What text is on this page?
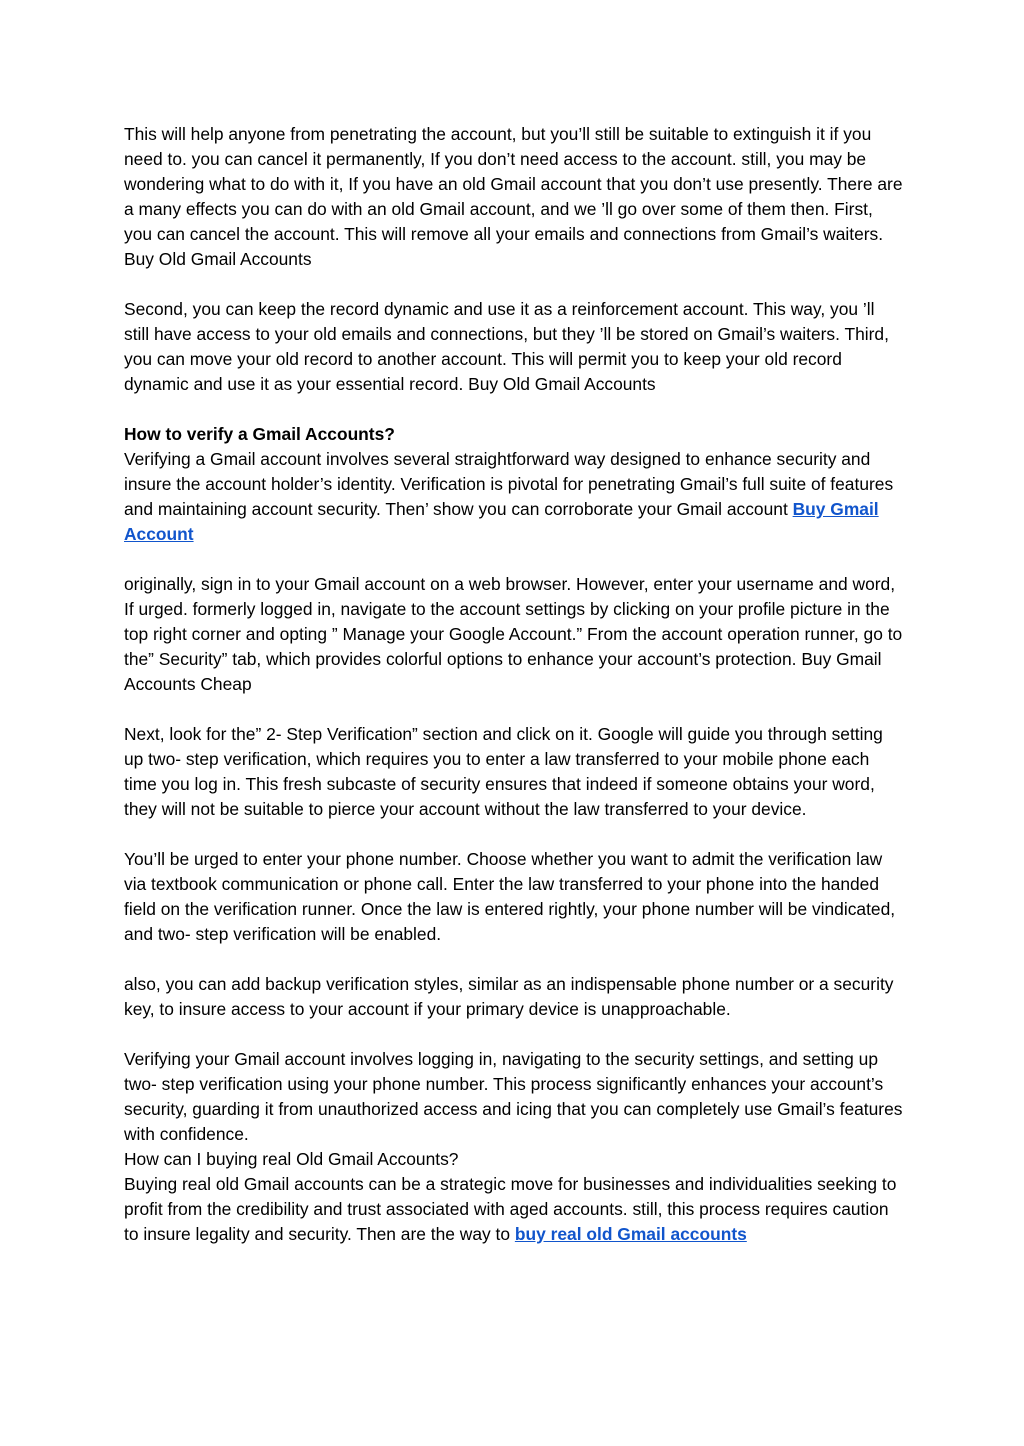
This will help anyone from penetrating the account, but you’ll still be suitable to extinguish it if you need to. you can cancel it permanently, If you don’t need access to the account. still, you may be wondering what to do with it, If you have an old Gmail account that you don’t use presently. There are a many effects you can do with an old Gmail account, and we ’ll go over some of them then. First, you can cancel the account. This will remove all your emails and connections from Gmail’s waiters. Buy Old Gmail Accounts

Second, you can keep the record dynamic and use it as a reinforcement account. This way, you ’ll still have access to your old emails and connections, but they ’ll be stored on Gmail’s waiters. Third, you can move your old record to another account. This will permit you to keep your old record dynamic and use it as your essential record. Buy Old Gmail Accounts

How to verify a Gmail Accounts?

Verifying a Gmail account involves several straightforward way designed to enhance security and insure the account holder’s identity. Verification is pivotal for penetrating Gmail’s full suite of features and maintaining account security. Then’ show you can corroborate your Gmail account Buy Gmail Account

originally, sign in to your Gmail account on a web browser. However, enter your username and word, If urged. formerly logged in, navigate to the account settings by clicking on your profile picture in the top right corner and opting ” Manage your Google Account.” From the account operation runner, go to the” Security” tab, which provides colorful options to enhance your account’s protection. Buy Gmail Accounts Cheap

Next, look for the” 2- Step Verification” section and click on it. Google will guide you through setting up two- step verification, which requires you to enter a law transferred to your mobile phone each time you log in. This fresh subcaste of security ensures that indeed if someone obtains your word, they will not be suitable to pierce your account without the law transferred to your device.

You’ll be urged to enter your phone number. Choose whether you want to admit the verification law via textbook communication or phone call. Enter the law transferred to your phone into the handed field on the verification runner. Once the law is entered rightly, your phone number will be vindicated, and two- step verification will be enabled.

also, you can add backup verification styles, similar as an indispensable phone number or a security key, to insure access to your account if your primary device is unapproachable.

Verifying your Gmail account involves logging in, navigating to the security settings, and setting up two- step verification using your phone number. This process significantly enhances your account’s security, guarding it from unauthorized access and icing that you can completely use Gmail’s features with confidence.

How can I buying real Old Gmail Accounts?

Buying real old Gmail accounts can be a strategic move for businesses and individualities seeking to profit from the credibility and trust associated with aged accounts. still, this process requires caution to insure legality and security. Then are the way to buy real old Gmail accounts
